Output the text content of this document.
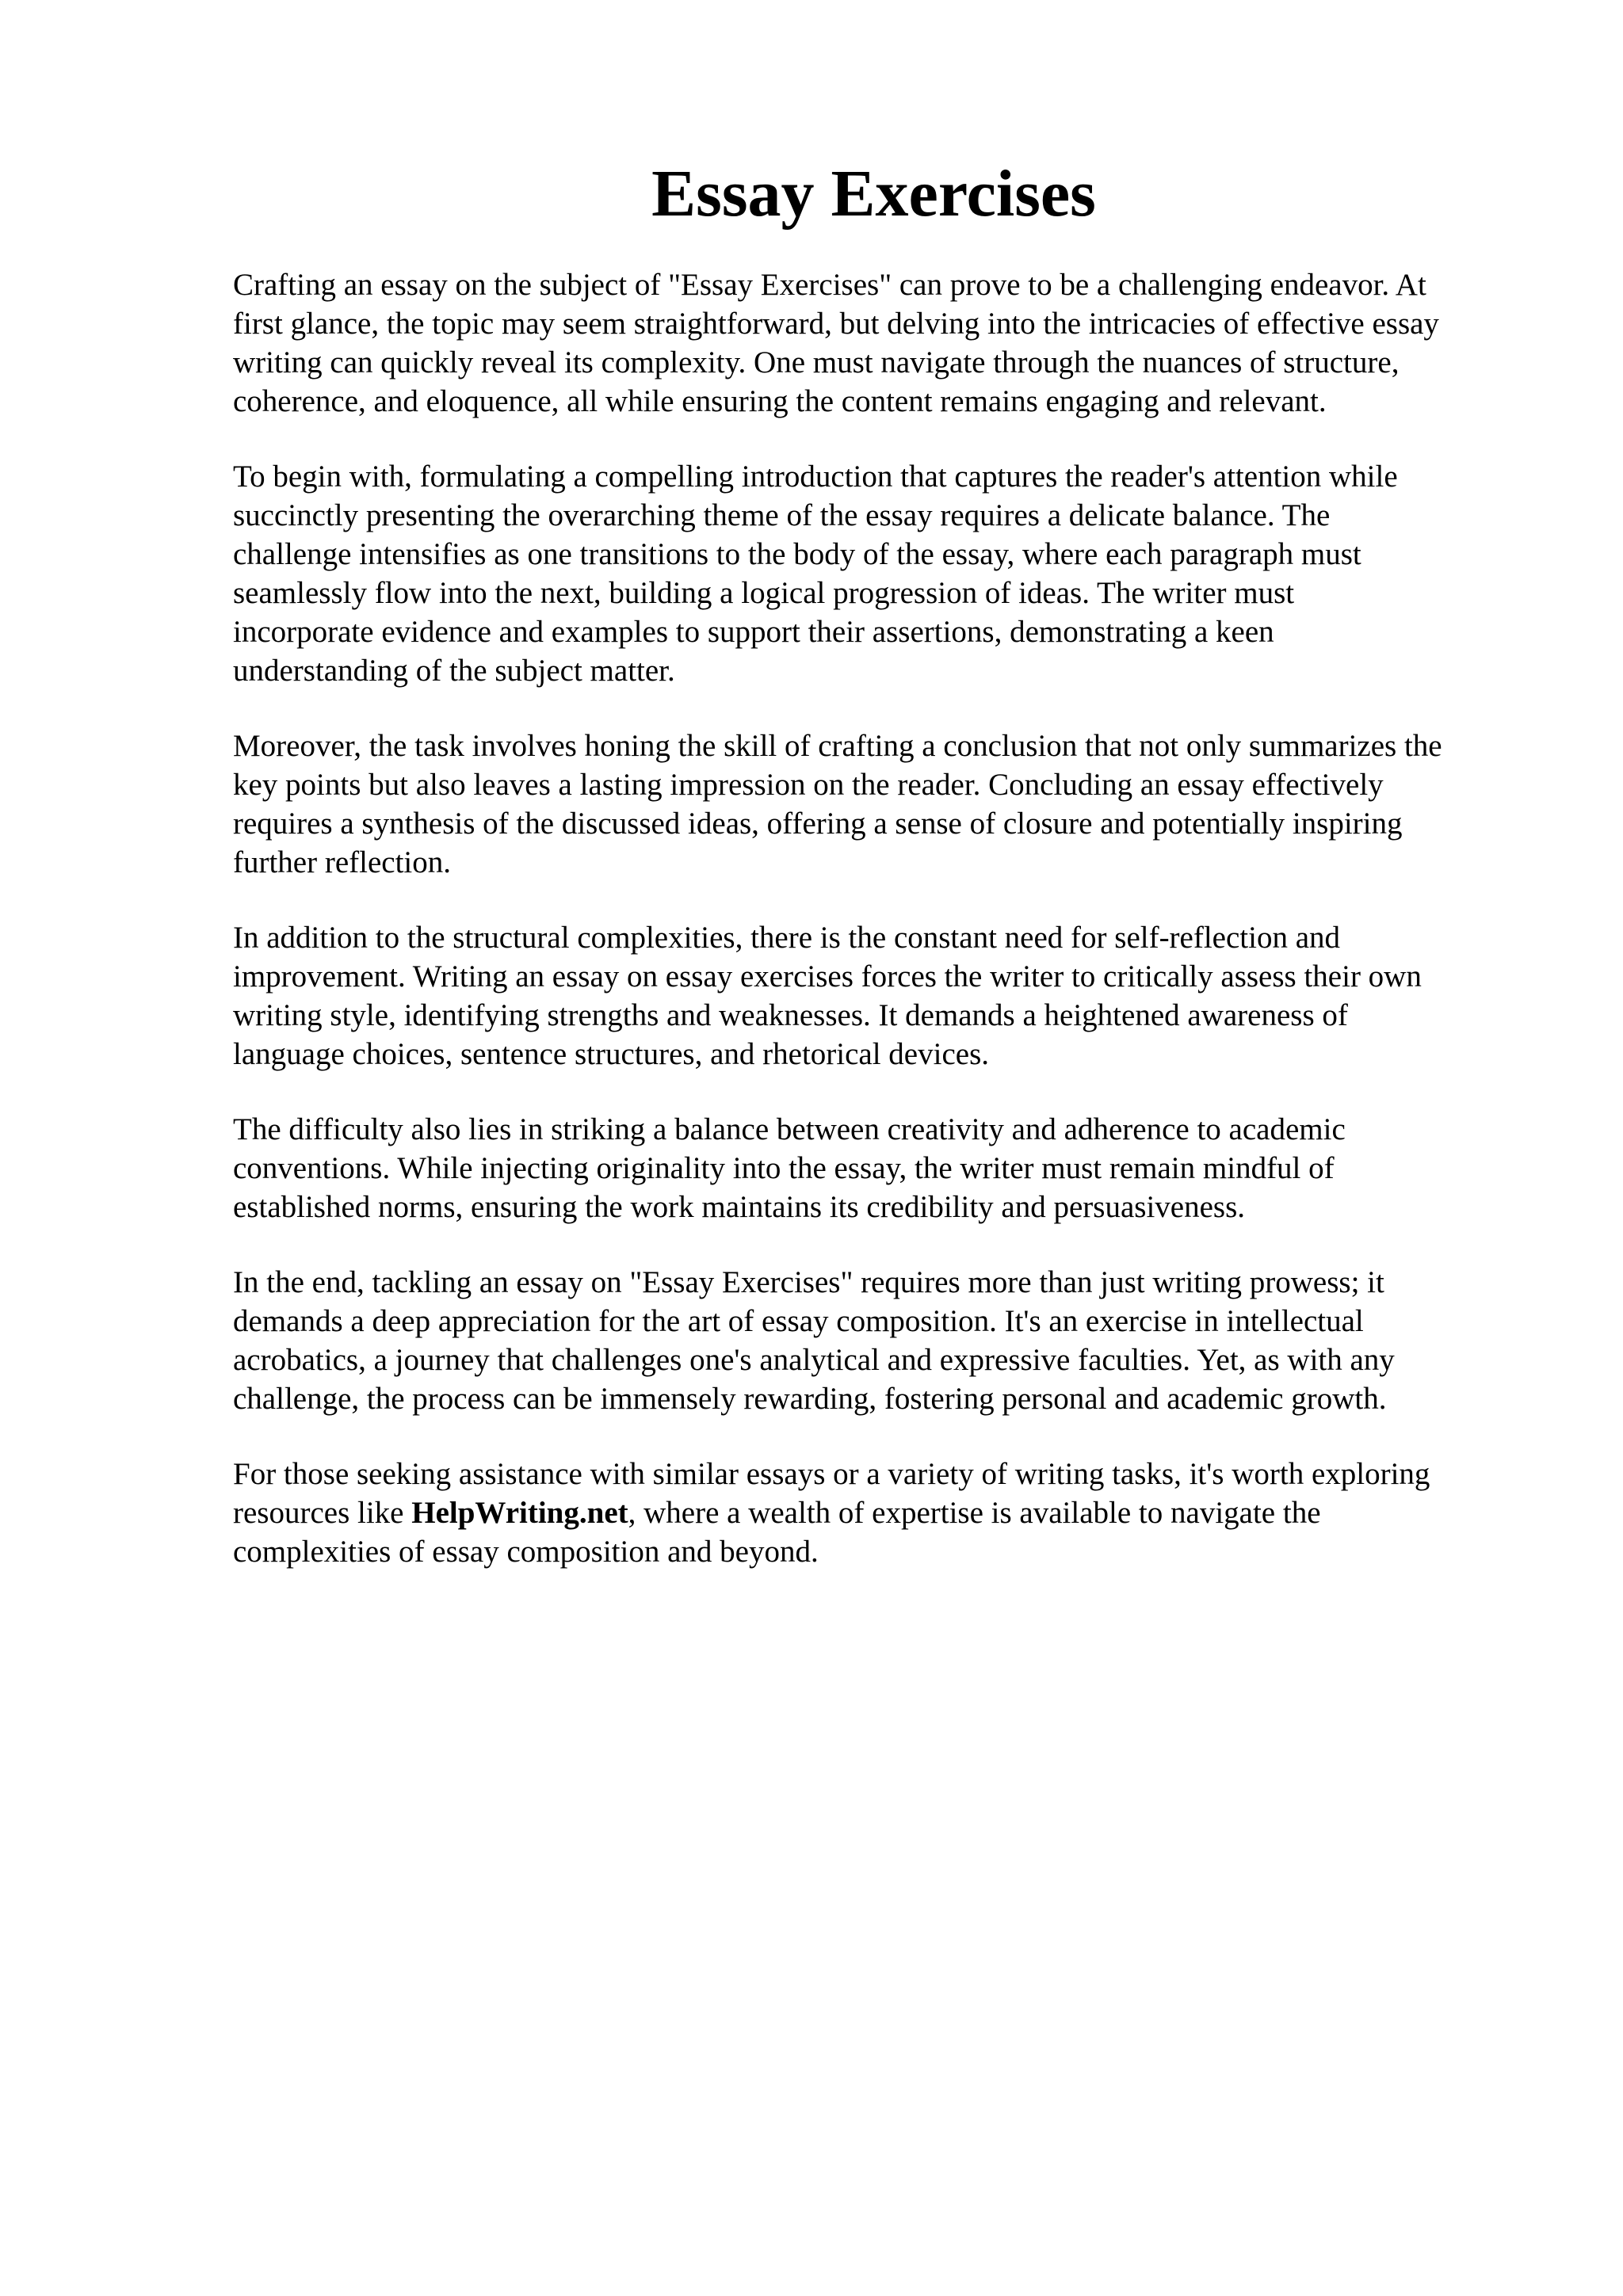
Essay Exercises

Crafting an essay on the subject of "Essay Exercises" can prove to be a challenging endeavor. At
first glance, the topic may seem straightforward, but delving into the intricacies of effective essay
writing can quickly reveal its complexity. One must navigate through the nuances of structure,
coherence, and eloquence, all while ensuring the content remains engaging and relevant.

To begin with, formulating a compelling introduction that captures the reader's attention while
succinctly presenting the overarching theme of the essay requires a delicate balance. The
challenge intensifies as one transitions to the body of the essay, where each paragraph must
seamlessly flow into the next, building a logical progression of ideas. The writer must
incorporate evidence and examples to support their assertions, demonstrating a keen
understanding of the subject matter.

Moreover, the task involves honing the skill of crafting a conclusion that not only summarizes the
key points but also leaves a lasting impression on the reader. Concluding an essay effectively
requires a synthesis of the discussed ideas, offering a sense of closure and potentially inspiring
further reflection.

In addition to the structural complexities, there is the constant need for self-reflection and
improvement. Writing an essay on essay exercises forces the writer to critically assess their own
writing style, identifying strengths and weaknesses. It demands a heightened awareness of
language choices, sentence structures, and rhetorical devices.

The difficulty also lies in striking a balance between creativity and adherence to academic
conventions. While injecting originality into the essay, the writer must remain mindful of
established norms, ensuring the work maintains its credibility and persuasiveness.

In the end, tackling an essay on "Essay Exercises" requires more than just writing prowess; it
demands a deep appreciation for the art of essay composition. It's an exercise in intellectual
acrobatics, a journey that challenges one's analytical and expressive faculties. Yet, as with any
challenge, the process can be immensely rewarding, fostering personal and academic growth.

For those seeking assistance with similar essays or a variety of writing tasks, it's worth exploring
resources like HelpWriting.net, where a wealth of expertise is available to navigate the
complexities of essay composition and beyond.
